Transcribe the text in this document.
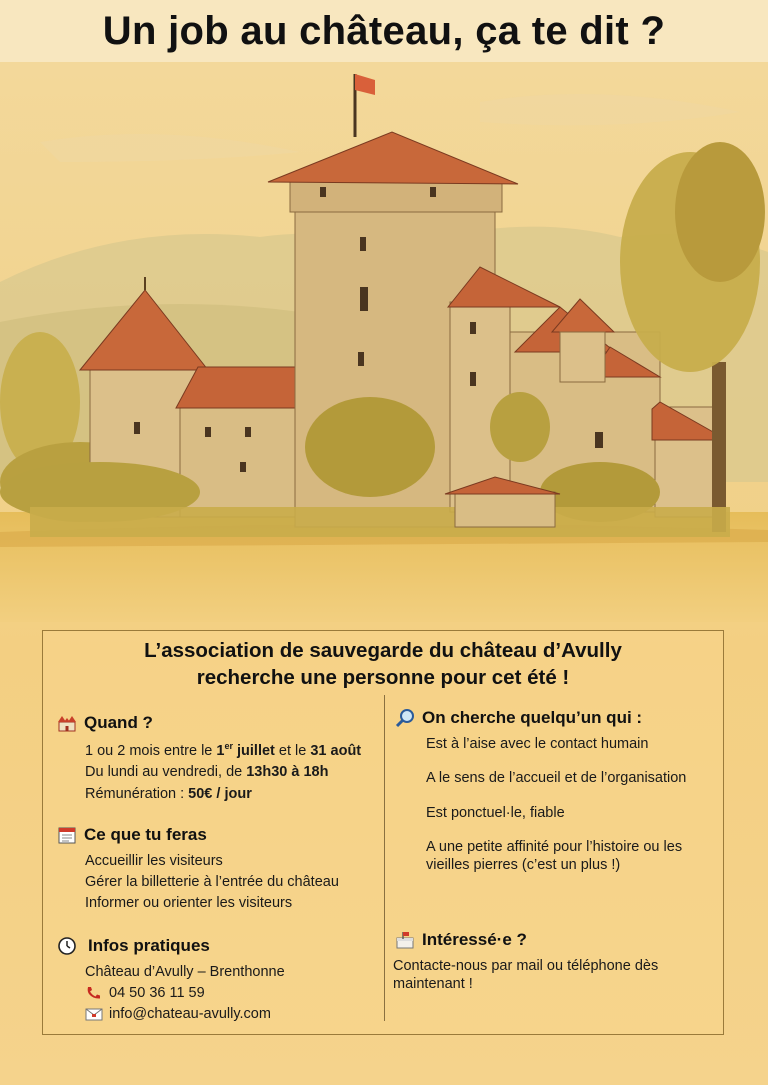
Un job au château, ça te dit ?
L’association de sauvegarde du château d’Avully
recherche une personne pour cet été !
Quand ?
1 ou 2 mois entre le 1er juillet et le 31 août
Du lundi au vendredi, de 13h30 à 18h
Rémunération : 50€ / jour
Ce que tu feras
Accueillir les visiteurs
Gérer la billetterie à l’entrée du château
Informer ou orienter les visiteurs
Infos pratiques
Château d’Avully – Brenthonne
04 50 36 11 59
info@chateau-avully.com
On cherche quelqu’un qui :
Est à l’aise avec le contact humain
A le sens de l’accueil et de l’organisation
Est ponctuel·le, fiable
A une petite affinité pour l’histoire ou les
vieilles pierres (c’est un plus !)
Intéressé·e ?
Contacte-nous par mail ou téléphone dès
maintenant !
